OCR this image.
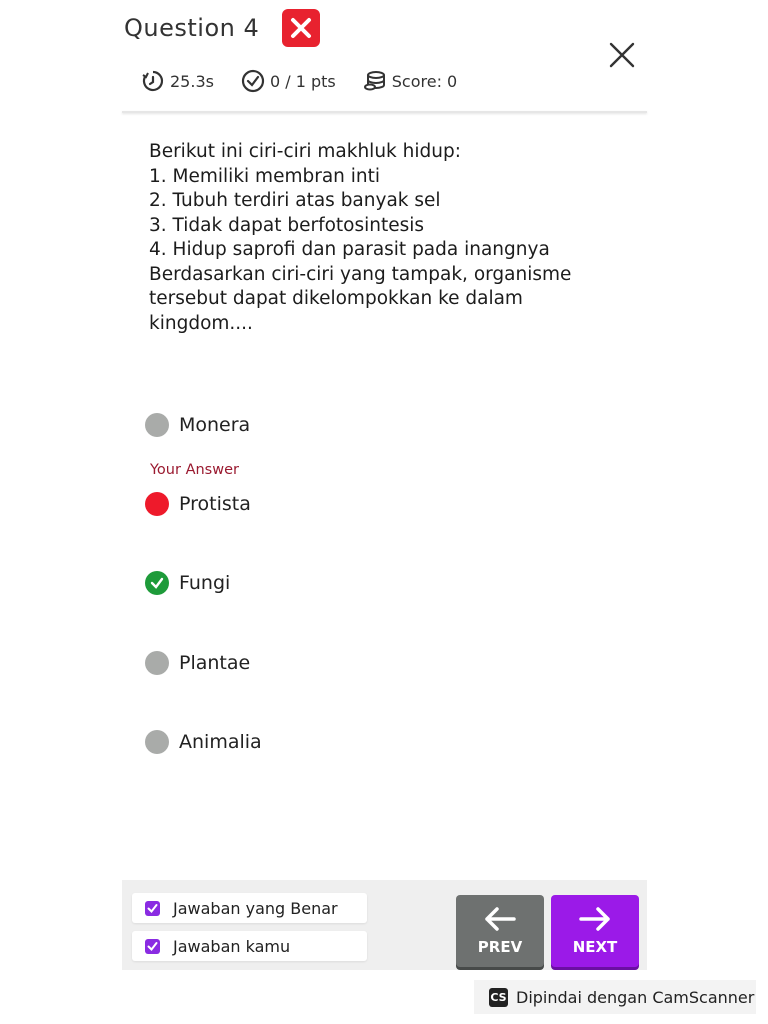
Question 4
25.3s	0 / 1 pts	Score: 0
Berikut ini ciri-ciri makhluk hidup:
1. Memiliki membran inti
2. Tubuh terdiri atas banyak sel
3. Tidak dapat berfotosintesis
4. Hidup saprofi dan parasit pada inangnya
Berdasarkan ciri-ciri yang tampak, organisme
tersebut dapat dikelompokkan ke dalam
kingdom....
Monera
Your Answer
Protista
Fungi
Plantae
Animalia
Jawaban yang Benar
Jawaban kamu	PREV	NEXT
CS Dipindai dengan CamScanner
